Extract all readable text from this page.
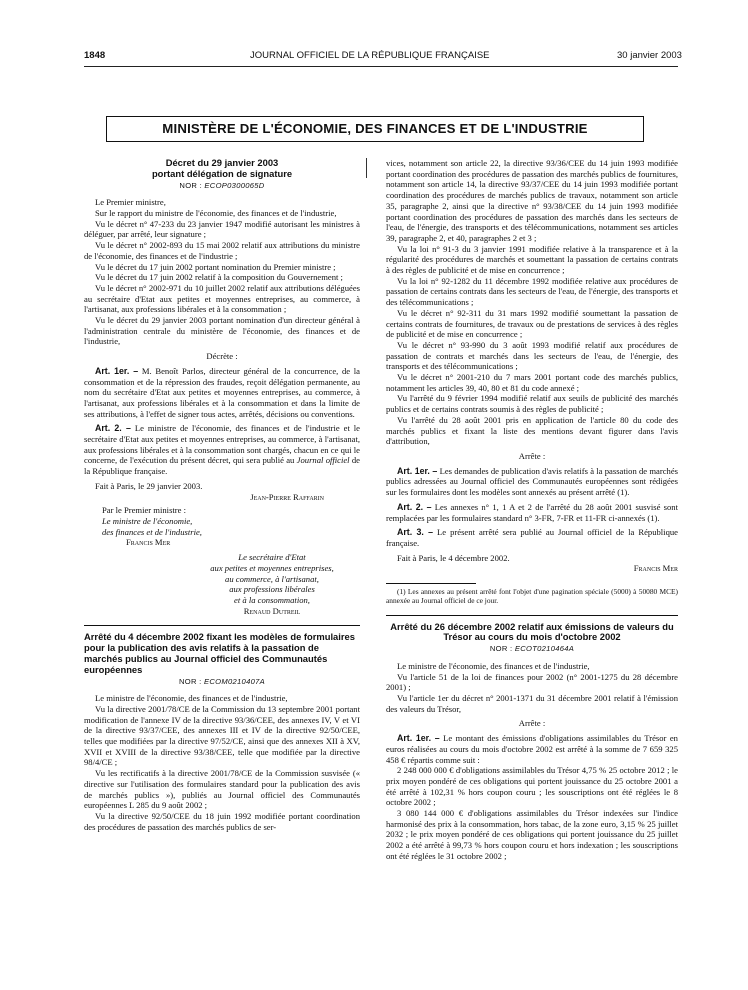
1848	JOURNAL OFFICIEL DE LA RÉPUBLIQUE FRANÇAISE	30 janvier 2003
MINISTÈRE DE L'ÉCONOMIE, DES FINANCES ET DE L'INDUSTRIE
Décret du 29 janvier 2003
portant délégation de signature
NOR : ECOP0300065D

Le Premier ministre,

Sur le rapport du ministre de l'économie, des finances et de l'industrie,

Vu le décret n° 47-233 du 23 janvier 1947 modifié autorisant les ministres à déléguer, par arrêté, leur signature ;

Vu le décret n° 2002-893 du 15 mai 2002 relatif aux attributions du ministre de l'économie, des finances et de l'industrie ;

Vu le décret du 17 juin 2002 portant nomination du Premier ministre ;

Vu le décret du 17 juin 2002 relatif à la composition du Gouvernement ;

Vu le décret n° 2002-971 du 10 juillet 2002 relatif aux attributions déléguées au secrétaire d'Etat aux petites et moyennes entreprises, au commerce, à l'artisanat, aux professions libérales et à la consommation ;

Vu le décret du 29 janvier 2003 portant nomination d'un directeur général à l'administration centrale du ministère de l'économie, des finances et de l'industrie,

Décrète :

Art. 1er. – M. Benoît Parlos, directeur général de la concurrence, de la consommation et de la répression des fraudes, reçoit délégation permanente, au nom du secrétaire d'Etat aux petites et moyennes entreprises, au commerce, à l'artisanat, aux professions libérales et à la consommation et dans la limite de ses attributions, à l'effet de signer tous actes, arrêtés, décisions ou conventions.

Art. 2. – Le ministre de l'économie, des finances et de l'industrie et le secrétaire d'Etat aux petites et moyennes entreprises, au commerce, à l'artisanat, aux professions libérales et à la consommation sont chargés, chacun en ce qui le concerne, de l'exécution du présent décret, qui sera publié au Journal officiel de la République française.

Fait à Paris, le 29 janvier 2003.

Jean-Pierre Raffarin

Par le Premier ministre :

Le ministre de l'économie,

des finances et de l'industrie,

Francis Mer

Le secrétaire d'Etat

aux petites et moyennes entreprises,

au commerce, à l'artisanat,

aux professions libérales

et à la consommation,

Renaud Dutreil

Arrêté du 4 décembre 2002 fixant les modèles de formulaires pour la publication des avis relatifs à la passation de marchés publics au Journal officiel des Communautés européennes
NOR : ECOM0210407A

Le ministre de l'économie, des finances et de l'industrie,

Vu la directive 2001/78/CE de la Commission du 13 septembre 2001 portant modification de l'annexe IV de la directive 93/36/CEE, des annexes IV, V et VI de la directive 93/37/CEE, des annexes III et IV de la directive 92/50/CEE, telles que modifiées par la directive 97/52/CE, ainsi que des annexes XII à XV, XVII et XVIII de la directive 93/38/CEE, telle que modifiée par la directive 98/4/CE ;

Vu les rectificatifs à la directive 2001/78/CE de la Commission susvisée (« directive sur l'utilisation des formulaires standard pour la publication des avis de marchés publics »), publiés au Journal officiel des Communautés européennes L 285 du 9 août 2002 ;

Vu la directive 92/50/CEE du 18 juin 1992 modifiée portant coordination des procédures de passation des marchés publics de ser-

vices, notamment son article 22, la directive 93/36/CEE du 14 juin 1993 modifiée portant coordination des procédures de passation des marchés publics de fournitures, notamment son article 14, la directive 93/37/CEE du 14 juin 1993 modifiée portant coordination des procédures de marchés publics de travaux, notamment son article 35, paragraphe 2, ainsi que la directive n° 93/38/CEE du 14 juin 1993 modifiée portant coordination des procédures de passation des marchés dans les secteurs de l'eau, de l'énergie, des transports et des télécommunications, notamment ses articles 39, paragraphe 2, et 40, paragraphes 2 et 3 ;

Vu la loi n° 91-3 du 3 janvier 1991 modifiée relative à la transparence et à la régularité des procédures de marchés et soumettant la passation de certains contrats à des règles de publicité et de mise en concurrence ;

Vu la loi n° 92-1282 du 11 décembre 1992 modifiée relative aux procédures de passation de certains contrats dans les secteurs de l'eau, de l'énergie, des transports et des télécommunications ;

Vu le décret n° 92-311 du 31 mars 1992 modifié soumettant la passation de certains contrats de fournitures, de travaux ou de prestations de services à des règles de publicité et de mise en concurrence ;

Vu le décret n° 93-990 du 3 août 1993 modifié relatif aux procédures de passation de contrats et marchés dans les secteurs de l'eau, de l'énergie, des transports et des télécommunications ;

Vu le décret n° 2001-210 du 7 mars 2001 portant code des marchés publics, notamment les articles 39, 40, 80 et 81 du code annexé ;

Vu l'arrêté du 9 février 1994 modifié relatif aux seuils de publicité des marchés publics et de certains contrats soumis à des règles de publicité ;

Vu l'arrêté du 28 août 2001 pris en application de l'article 80 du code des marchés publics et fixant la liste des mentions devant figurer dans l'avis d'attribution,

Arrête :

Art. 1er. – Les demandes de publication d'avis relatifs à la passation de marchés publics adressées au Journal officiel des Communautés européennes sont rédigées sur les formulaires dont les modèles sont annexés au présent arrêté (1).

Art. 2. – Les annexes n° 1, 1 A et 2 de l'arrêté du 28 août 2001 susvisé sont remplacées par les formulaires standard n° 3-FR, 7-FR et 11-FR ci-annexés (1).

Art. 3. – Le présent arrêté sera publié au Journal officiel de la République française.

Fait à Paris, le 4 décembre 2002.

Francis Mer

(1) Les annexes au présent arrêté font l'objet d'une pagination spéciale (5000) à 50080 MCE) annexée au Journal officiel de ce jour.

Arrêté du 26 décembre 2002 relatif aux émissions de valeurs du Trésor au cours du mois d'octobre 2002
NOR : ECOT0210464A

Le ministre de l'économie, des finances et de l'industrie,

Vu l'article 51 de la loi de finances pour 2002 (n° 2001-1275 du 28 décembre 2001) ;

Vu l'article 1er du décret n° 2001-1371 du 31 décembre 2001 relatif à l'émission des valeurs du Trésor,

Arrête :

Art. 1er. – Le montant des émissions d'obligations assimilables du Trésor en euros réalisées au cours du mois d'octobre 2002 est arrêté à la somme de 7 659 325 458 € répartis comme suit :

2 248 000 000 € d'obligations assimilables du Trésor 4,75 % 25 octobre 2012 ; le prix moyen pondéré de ces obligations qui portent jouissance du 25 octobre 2001 a été arrêté à 102,31 % hors coupon couru ; les souscriptions ont été réglées le 8 octobre 2002 ;

3 080 144 000 € d'obligations assimilables du Trésor indexées sur l'indice harmonisé des prix à la consommation, hors tabac, de la zone euro, 3,15 % 25 juillet 2032 ; le prix moyen pondéré de ces obligations qui portent jouissance du 25 juillet 2002 a été arrêté à 99,73 % hors coupon couru et hors indexation ; les souscriptions ont été réglées le 31 octobre 2002 ;
